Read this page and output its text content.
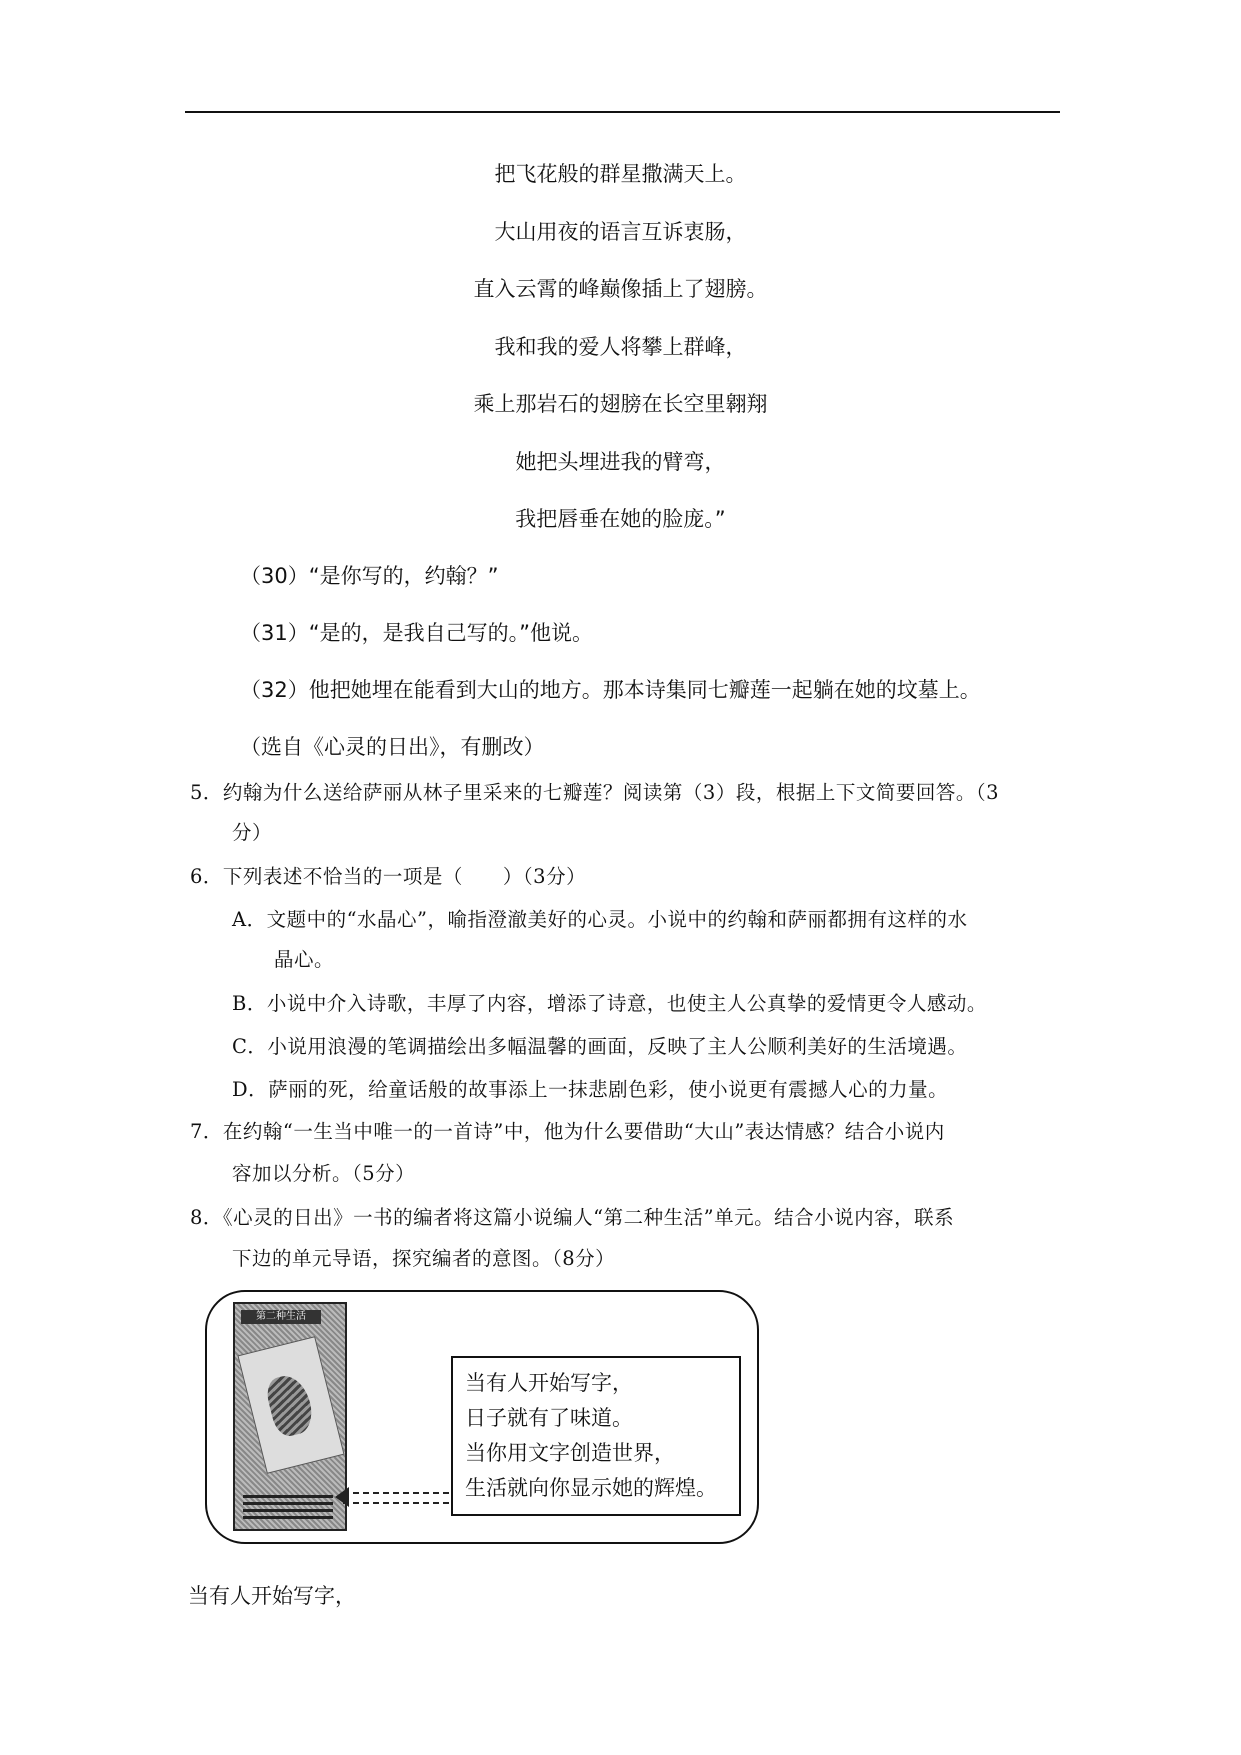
把飞花般的群星撒满天上。
大山用夜的语言互诉衷肠，
直入云霄的峰巅像插上了翅膀。
我和我的爱人将攀上群峰，
乘上那岩石的翅膀在长空里翱翔
她把头埋进我的臂弯，
我把唇垂在她的脸庞。”
（30）“是你写的，约翰？”
（31）“是的，是我自己写的。”他说。
（32）他把她埋在能看到大山的地方。那本诗集同七瓣莲一起躺在她的坟墓上。
（选自《心灵的日出》，有删改）
5．约翰为什么送给萨丽从林子里采来的七瓣莲？阅读第（3）段，根据上下文简要回答。（3
分）
6．下列表述不恰当的一项是（　　）（3分）
A．文题中的“水晶心”，喻指澄澈美好的心灵。小说中的约翰和萨丽都拥有这样的水
晶心。
B．小说中介入诗歌，丰厚了内容，增添了诗意，也使主人公真挚的爱情更令人感动。
C．小说用浪漫的笔调描绘出多幅温馨的画面，反映了主人公顺利美好的生活境遇。
D．萨丽的死，给童话般的故事添上一抹悲剧色彩，使小说更有震撼人心的力量。
7．在约翰“一生当中唯一的一首诗”中，他为什么要借助“大山”表达情感？结合小说内
容加以分析。（5分）
8．《心灵的日出》一书的编者将这篇小说编人“第二种生活”单元。结合小说内容，联系
下边的单元导语，探究编者的意图。（8分）
第二种生活
当有人开始写字，
日子就有了味道。
当你用文字创造世界，
生活就向你显示她的辉煌。
当有人开始写字，
